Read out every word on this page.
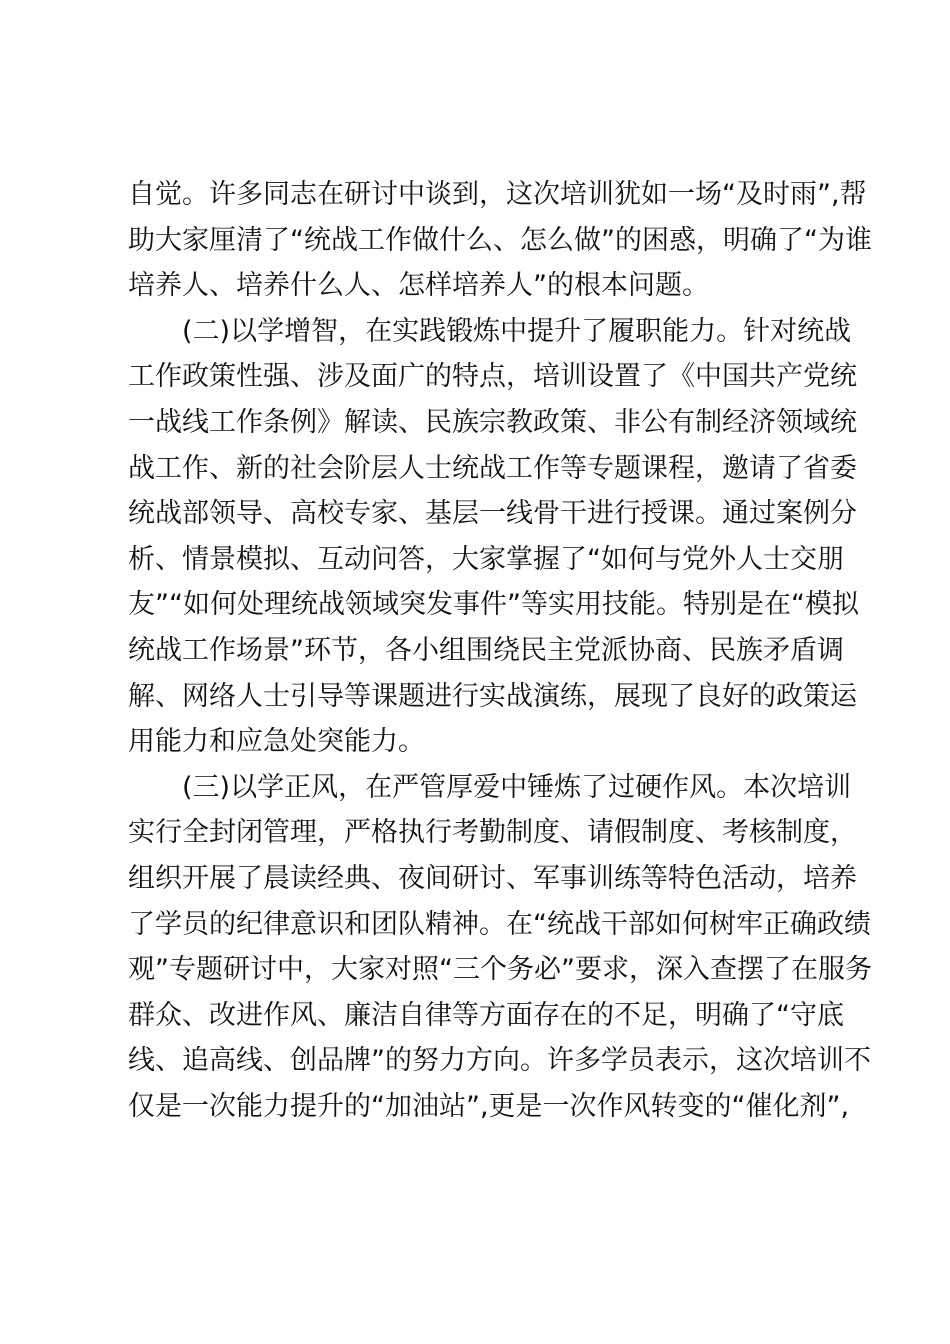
自觉。许多同志在研讨中谈到，这次培训犹如一场“及时雨”,帮
助大家厘清了“统战工作做什么、怎么做”的困惑，明确了“为谁
培养人、培养什么人、怎样培养人”的根本问题。
(二)以学增智，在实践锻炼中提升了履职能力。针对统战
工作政策性强、涉及面广的特点，培训设置了《中国共产党统
一战线工作条例》解读、民族宗教政策、非公有制经济领域统
战工作、新的社会阶层人士统战工作等专题课程，邀请了省委
统战部领导、高校专家、基层一线骨干进行授课。通过案例分
析、情景模拟、互动问答，大家掌握了“如何与党外人士交朋
友”“如何处理统战领域突发事件”等实用技能。特别是在“模拟
统战工作场景”环节，各小组围绕民主党派协商、民族矛盾调
解、网络人士引导等课题进行实战演练，展现了良好的政策运
用能力和应急处突能力。
(三)以学正风，在严管厚爱中锤炼了过硬作风。本次培训
实行全封闭管理，严格执行考勤制度、请假制度、考核制度，
组织开展了晨读经典、夜间研讨、军事训练等特色活动，培养
了学员的纪律意识和团队精神。在“统战干部如何树牢正确政绩
观”专题研讨中，大家对照“三个务必”要求，深入查摆了在服务
群众、改进作风、廉洁自律等方面存在的不足，明确了“守底
线、追高线、创品牌”的努力方向。许多学员表示，这次培训不
仅是一次能力提升的“加油站”,更是一次作风转变的“催化剂”,
